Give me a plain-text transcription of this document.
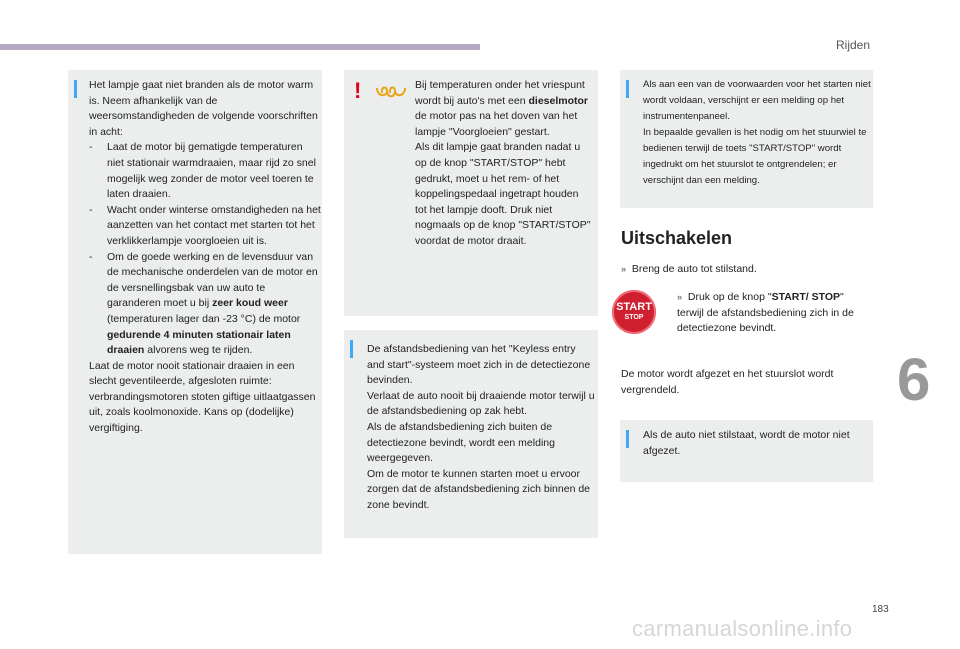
Rijden

Het lampje gaat niet branden als de motor warm is. Neem afhankelijk van de weersomstandigheden de volgende voorschriften in acht:

- Laat de motor bij gematigde temperaturen niet stationair warmdraaien, maar rijd zo snel mogelijk weg zonder de motor veel toeren te laten draaien.
- Wacht onder winterse omstandigheden na het aanzetten van het contact met starten tot het verklikkerlampje voorgloeien uit is.
- Om de goede werking en de levensduur van de mechanische onderdelen van de motor en de versnellingsbak van uw auto te garanderen moet u bij zeer koud weer (temperaturen lager dan -23 °C) de motor gedurende 4 minuten stationair laten draaien alvorens weg te rijden.

Laat de motor nooit stationair draaien in een slecht geventileerde, afgesloten ruimte: verbrandingsmotoren stoten giftige uitlaatgassen uit, zoals koolmonoxide. Kans op (dodelijke) vergiftiging.

!	Bij temperaturen onder het vriespunt wordt bij auto's met een dieselmotor de motor pas na het doven van het lampje "Voorgloeien" gestart.

Als dit lampje gaat branden nadat u op de knop "START/STOP" hebt gedrukt, moet u het rem- of het koppelingspedaal ingetrapt houden tot het lampje dooft. Druk niet nogmaals op de knop "START/STOP" voordat de motor draait.

De afstandsbediening van het "Keyless entry and start"-systeem moet zich in de detectiezone bevinden.

Verlaat de auto nooit bij draaiende motor terwijl u de afstandsbediening op zak hebt.

Als de afstandsbediening zich buiten de detectiezone bevindt, wordt een melding weergegeven.

Om de motor te kunnen starten moet u ervoor zorgen dat de afstandsbediening zich binnen de zone bevindt.

Als aan een van de voorwaarden voor het starten niet wordt voldaan, verschijnt er een melding op het instrumentenpaneel.

In bepaalde gevallen is het nodig om het stuurwiel te bedienen terwijl de toets "START/STOP" wordt ingedrukt om het stuurslot te ontgrendelen; er verschijnt dan een melding.

Uitschakelen
» Breng de auto tot stilstand.
START
STOP
» Druk op de knop "START/ STOP" terwijl de afstandsbediening zich in de detectiezone bevindt.
De motor wordt afgezet en het stuurslot wordt vergrendeld.

Als de auto niet stilstaat, wordt de motor niet afgezet.

6
183
carmanualsonline.info
